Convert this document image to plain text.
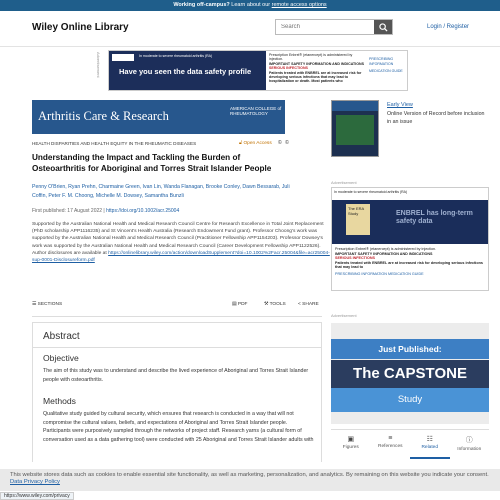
Working off-campus? Learn about our remote access options
Wiley Online Library
Search	Login / Register
Advertisement	In moderate to severe rheumatoid arthritis (RA)
Have you seen the data safety profile
Prescription Enbrel® (etanercept) is administered by injection.
IMPORTANT SAFETY INFORMATION AND INDICATIONS
SERIOUS INFECTIONS
Patients treated with ENBREL are at increased risk for developing serious infections that may lead to hospitalization or death. Most patients who
PRESCRIBING INFORMATION
MEDICATION GUIDE
Arthritis Care & Research
AMERICAN COLLEGE of RHEUMATOLOGY
HEALTH DISPARITIES AND HEALTH EQUITY IN THE RHEUMATIC DISEASES	🔓︎ Open Access © ©
Understanding the Impact and Tackling the Burden of Osteoarthritis for Aboriginal and Torres Strait Islander People
Penny O'Brien, Ryan Prehn, Charmaine Green, Ivan Lin, Wanda Flanagan, Brooke Conley, Dawn Bessarab, Juli Coffin, Peter F. M. Choong, Michelle M. Dowsey, Samantha Bunzli
First published: 17 August 2022 | https://doi.org/10.1002/acr.25004
Supported by the Australian National Health and Medical Research Council Centre for Research Excellence in Total Joint Replacement (PhD scholarship APP1116235) and St Vincent's Health Australia (Research Endowment Fund grant). Professor Choong's work was supported by the Australian National Health and Medical Research Council (Practitioner Fellowship APP1154203). Professor Dowsey's work was supported by the Australian National Health and Medical Research Council (Career Development Fellowship APP1122526).
Author disclosures are available at https://onlinelibrary.wiley.com/action/downloadSupplement?doi=10.1002%2Facr.25004&file=acr25004-sup-0001-Disclosureform.pdf
☰ SECTIONS	▤ PDF	⚒ TOOLS	< SHARE
Abstract
Objective
The aim of this study was to understand and describe the lived experience of Aboriginal and Torres Strait Islander people with osteoarthritis.
Methods
Qualitative study guided by cultural security, which ensures that research is conducted in a way that will not compromise the cultural values, beliefs, and expectations of Aboriginal and Torres Strait Islander people. Participants were purposively sampled through the networks of project staff. Research yarns (a cultural form of conversation used as a data gathering tool) were conducted with 25 Aboriginal and Torres Strait Islander adults with
Early View
Online Version of Record before inclusion in an issue
Advertisement
In moderate to severe rheumatoid arthritis (RA)
The ERA Study	ENBREL has long-term safety data
Prescription Enbrel® (etanercept) is administered by injection.
IMPORTANT SAFETY INFORMATION AND INDICATIONS
SERIOUS INFECTIONS
Patients treated with ENBREL are at increased risk for developing serious infections that may lead to
PRESCRIBING INFORMATION MEDICATION GUIDE
Advertisement
Just Published:
The CAPSTONE
Study
▣
Figures
≡
References
☷
Related
ⓘ
Information
This website stores data such as cookies to enable essential site functionality, as well as marketing, personalization, and analytics. By remaining on this website you indicate your consent. Data Privacy Policy
https://www.wiley.com/privacy
